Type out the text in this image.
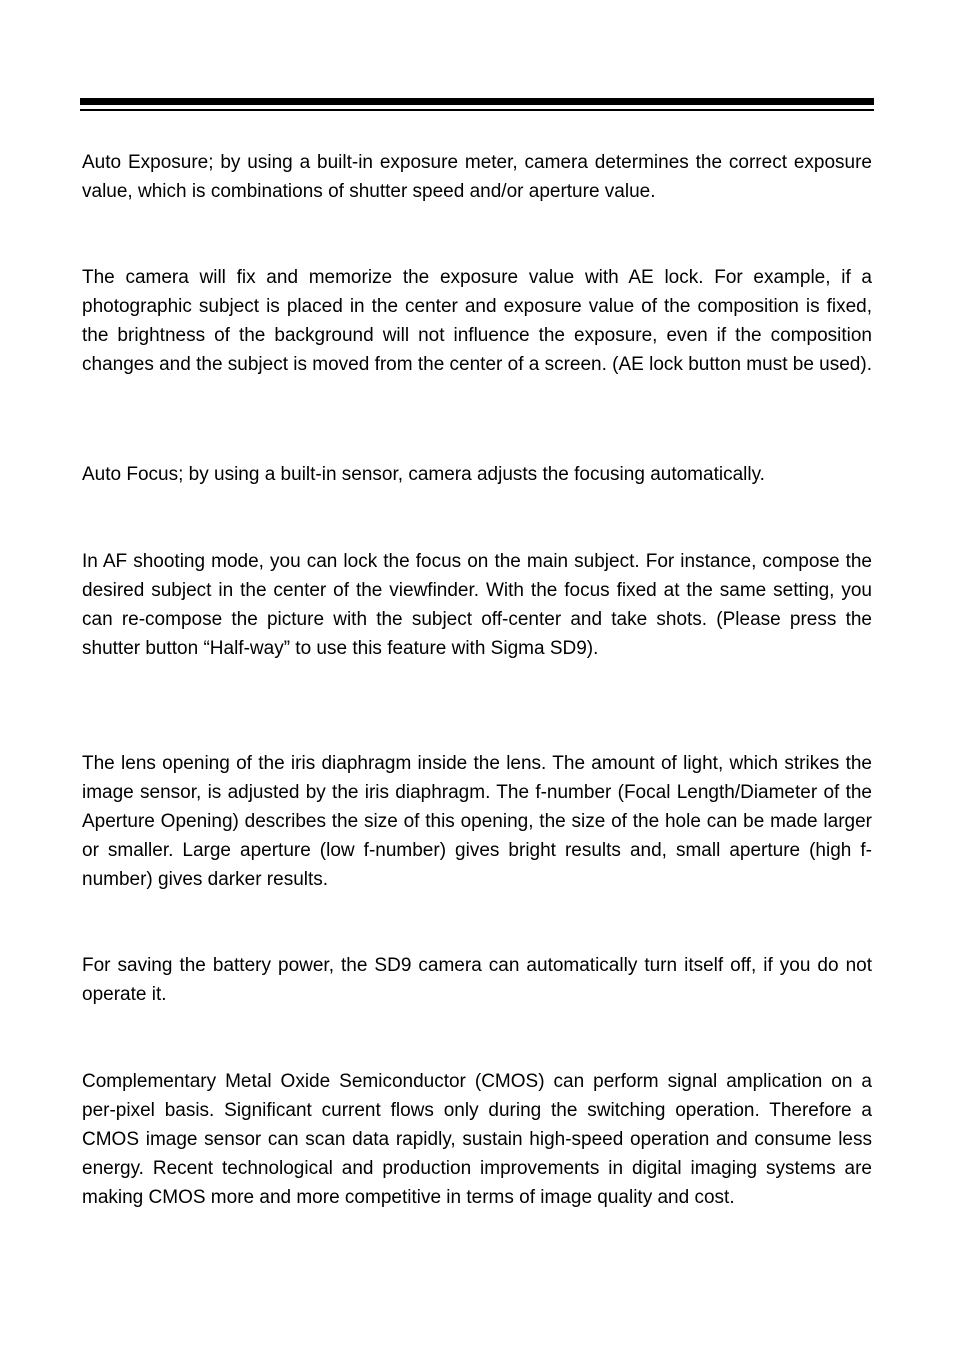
Auto Exposure; by using a built-in exposure meter, camera determines the correct exposure value, which is combinations of shutter speed and/or aperture value.

The camera will fix and memorize the exposure value with AE lock. For example, if a photographic subject is placed in the center and exposure value of the composition is fixed, the brightness of the background will not influence the exposure, even if the composition changes and the subject is moved from the center of a screen. (AE lock button must be used).

Auto Focus; by using a built-in sensor, camera adjusts the focusing automatically.

In AF shooting mode, you can lock the focus on the main subject. For instance, compose the desired subject in the center of the viewfinder. With the focus fixed at the same setting, you can re-compose the picture with the subject off-center and take shots. (Please press the shutter button “Half-way” to use this feature with Sigma SD9).

The lens opening of the iris diaphragm inside the lens. The amount of light, which strikes the image sensor, is adjusted by the iris diaphragm. The f-number (Focal Length/Diameter of the Aperture Opening) describes the size of this opening, the size of the hole can be made larger or smaller. Large aperture (low f-number) gives bright results and, small aperture (high f-number) gives darker results.

For saving the battery power, the SD9 camera can automatically turn itself off, if you do not operate it.

Complementary Metal Oxide Semiconductor (CMOS) can perform signal amplication on a per-pixel basis. Significant current flows only during the switching operation. Therefore a CMOS image sensor can scan data rapidly, sustain high-speed operation and consume less energy. Recent technological and production improvements in digital imaging systems are making CMOS more and more competitive in terms of image quality and cost.
